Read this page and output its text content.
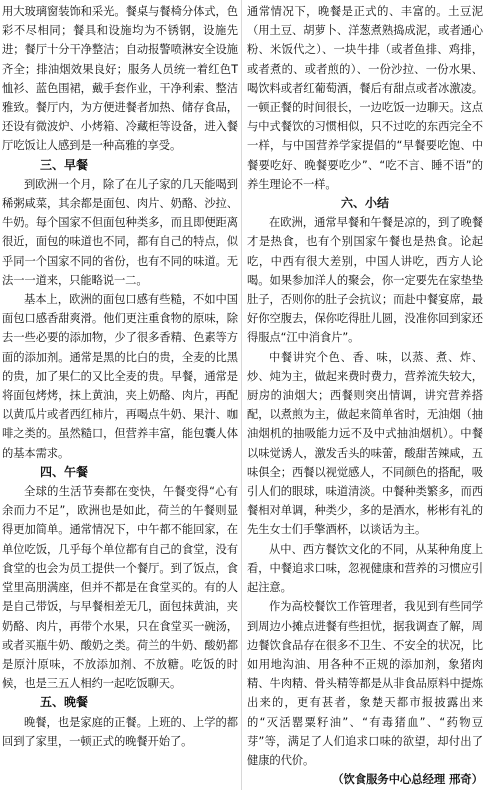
用大玻璃窗装饰和采光。餐桌与餐椅分体式，色彩不尽相同；餐具和设施均为不锈钢，设施先进；餐厅十分干净整洁；自动报警喷淋安全设施齐全；排油烟效果良好；服务人员统一着红色T恤衫、蓝色围裙，戴手套作业，干净利索、整洁雅致。餐厅内，为方便进餐者加热、储存食品，还设有微波炉、小烤箱、冷藏柜等设备，进入餐厅吃饭让人感到是一种高雅的享受。

三、早餐

到欧洲一个月，除了在儿子家的几天能喝到稀粥咸菜，其余都是面包、肉片、奶酪、沙拉、牛奶。每个国家不但面包种类多，而且即便距离很近，面包的味道也不同，都有自己的特点，似乎同一个国家不同的省份，也有不同的味道。无法一一道来，只能略说一二。

基本上，欧洲的面包口感有些糙，不如中国面包口感香甜爽滑。他们更注重食物的原味，除去一些必要的添加物，少了很多香精、色素等方面的添加剂。通常是黑的比白的贵，全麦的比黑的贵，加了果仁的又比全麦的贵。早餐，通常是将面包烤烤，抹上黄油，夹上奶酪、肉片，再配以黄瓜片或者西红柿片，再喝点牛奶、果汁、咖啡之类的。虽然糙口，但营养丰富，能包囊人体的基本需求。

四、午餐

全球的生活节奏都在变快，午餐变得“心有余而力不足”，欧洲也是如此，荷兰的午餐则显得更加简单。通常情况下，中午都不能回家，在单位吃饭，几乎每个单位都有自己的食堂，没有食堂的也会为员工提供一个餐厅。到了饭点，食堂里高朋满座，但并不都是在食堂买的。有的人是自己带饭，与早餐相差无几，面包抹黄油，夹奶酪、肉片，再带个水果，只在食堂买一碗汤，或者买瓶牛奶、酸奶之类。荷兰的牛奶、酸奶都是原汁原味，不放添加剂、不放糖。吃饭的时候，也是三五人相约一起吃饭聊天。

五、晚餐

晚餐，也是家庭的正餐。上班的、上学的都回到了家里，一顿正式的晚餐开始了。

通常情况下，晚餐是正式的、丰富的。土豆泥（用土豆、胡萝卜、洋葱煮熟捣成泥，或者通心粉、米饭代之）、一块牛排（或者鱼排、鸡排，或者煮的、或者煎的）、一份沙拉、一份水果、喝饮料或者红葡萄酒，餐后有甜点或者冰激凌。一顿正餐的时间很长，一边吃饭一边聊天。这点与中式餐饮的习惯相似，只不过吃的东西完全不一样，与中国营养学家提倡的“早餐要吃饱、中餐要吃好、晚餐要吃少”、“吃不言、睡不语”的养生理论不一样。

六、小结

在欧洲，通常早餐和午餐是凉的，到了晚餐才是热食，也有个别国家午餐也是热食。论起吃，中西有很大差别，中国人讲吃，西方人论喝。如果参加洋人的聚会，你一定要先在家垫垫肚子，否则你的肚子会抗议；而赴中餐宴席，最好你空腹去，保你吃得肚儿圆，没准你回到家还得服点“江中消食片”。

中餐讲究个色、香、味，以蒸、煮、炸、炒、炖为主，做起来费时费力，营养流失较大，厨房的油烟大；西餐则突出情调，讲究营养搭配，以煮煎为主，做起来简单省时，无油烟（抽油烟机的抽吸能力远不及中式抽油烟机）。中餐以味觉诱人，激发舌头的味蕾，酸甜苦辣咸，五味俱全；西餐以视觉感人，不同颜色的搭配，吸引人们的眼球，味道清淡。中餐种类繁多，而西餐相对单调，种类少，多的是酒水，彬彬有礼的先生女士们手擎酒杯，以谈话为主。

从中、西方餐饮文化的不同，从某种角度上看，中餐追求口味，忽视健康和营养的习惯应引起注意。

作为高校餐饮工作管理者，我见到有些同学到周边小摊点进餐有些担忧，据我调查了解，周边餐饮食品存在很多不卫生、不安全的状况，比如用地沟油、用各种不正规的添加剂，象猪肉精、牛肉精、骨头精等都是从非食品原料中提炼出来的，更有甚者，象楚天都市报披露出来的“灭活罂粟籽油”、“有毒猪血”、“药物豆芽”等，满足了人们追求口味的欲望，却付出了健康的代价。

（饮食服务中心总经理 邢奇）
